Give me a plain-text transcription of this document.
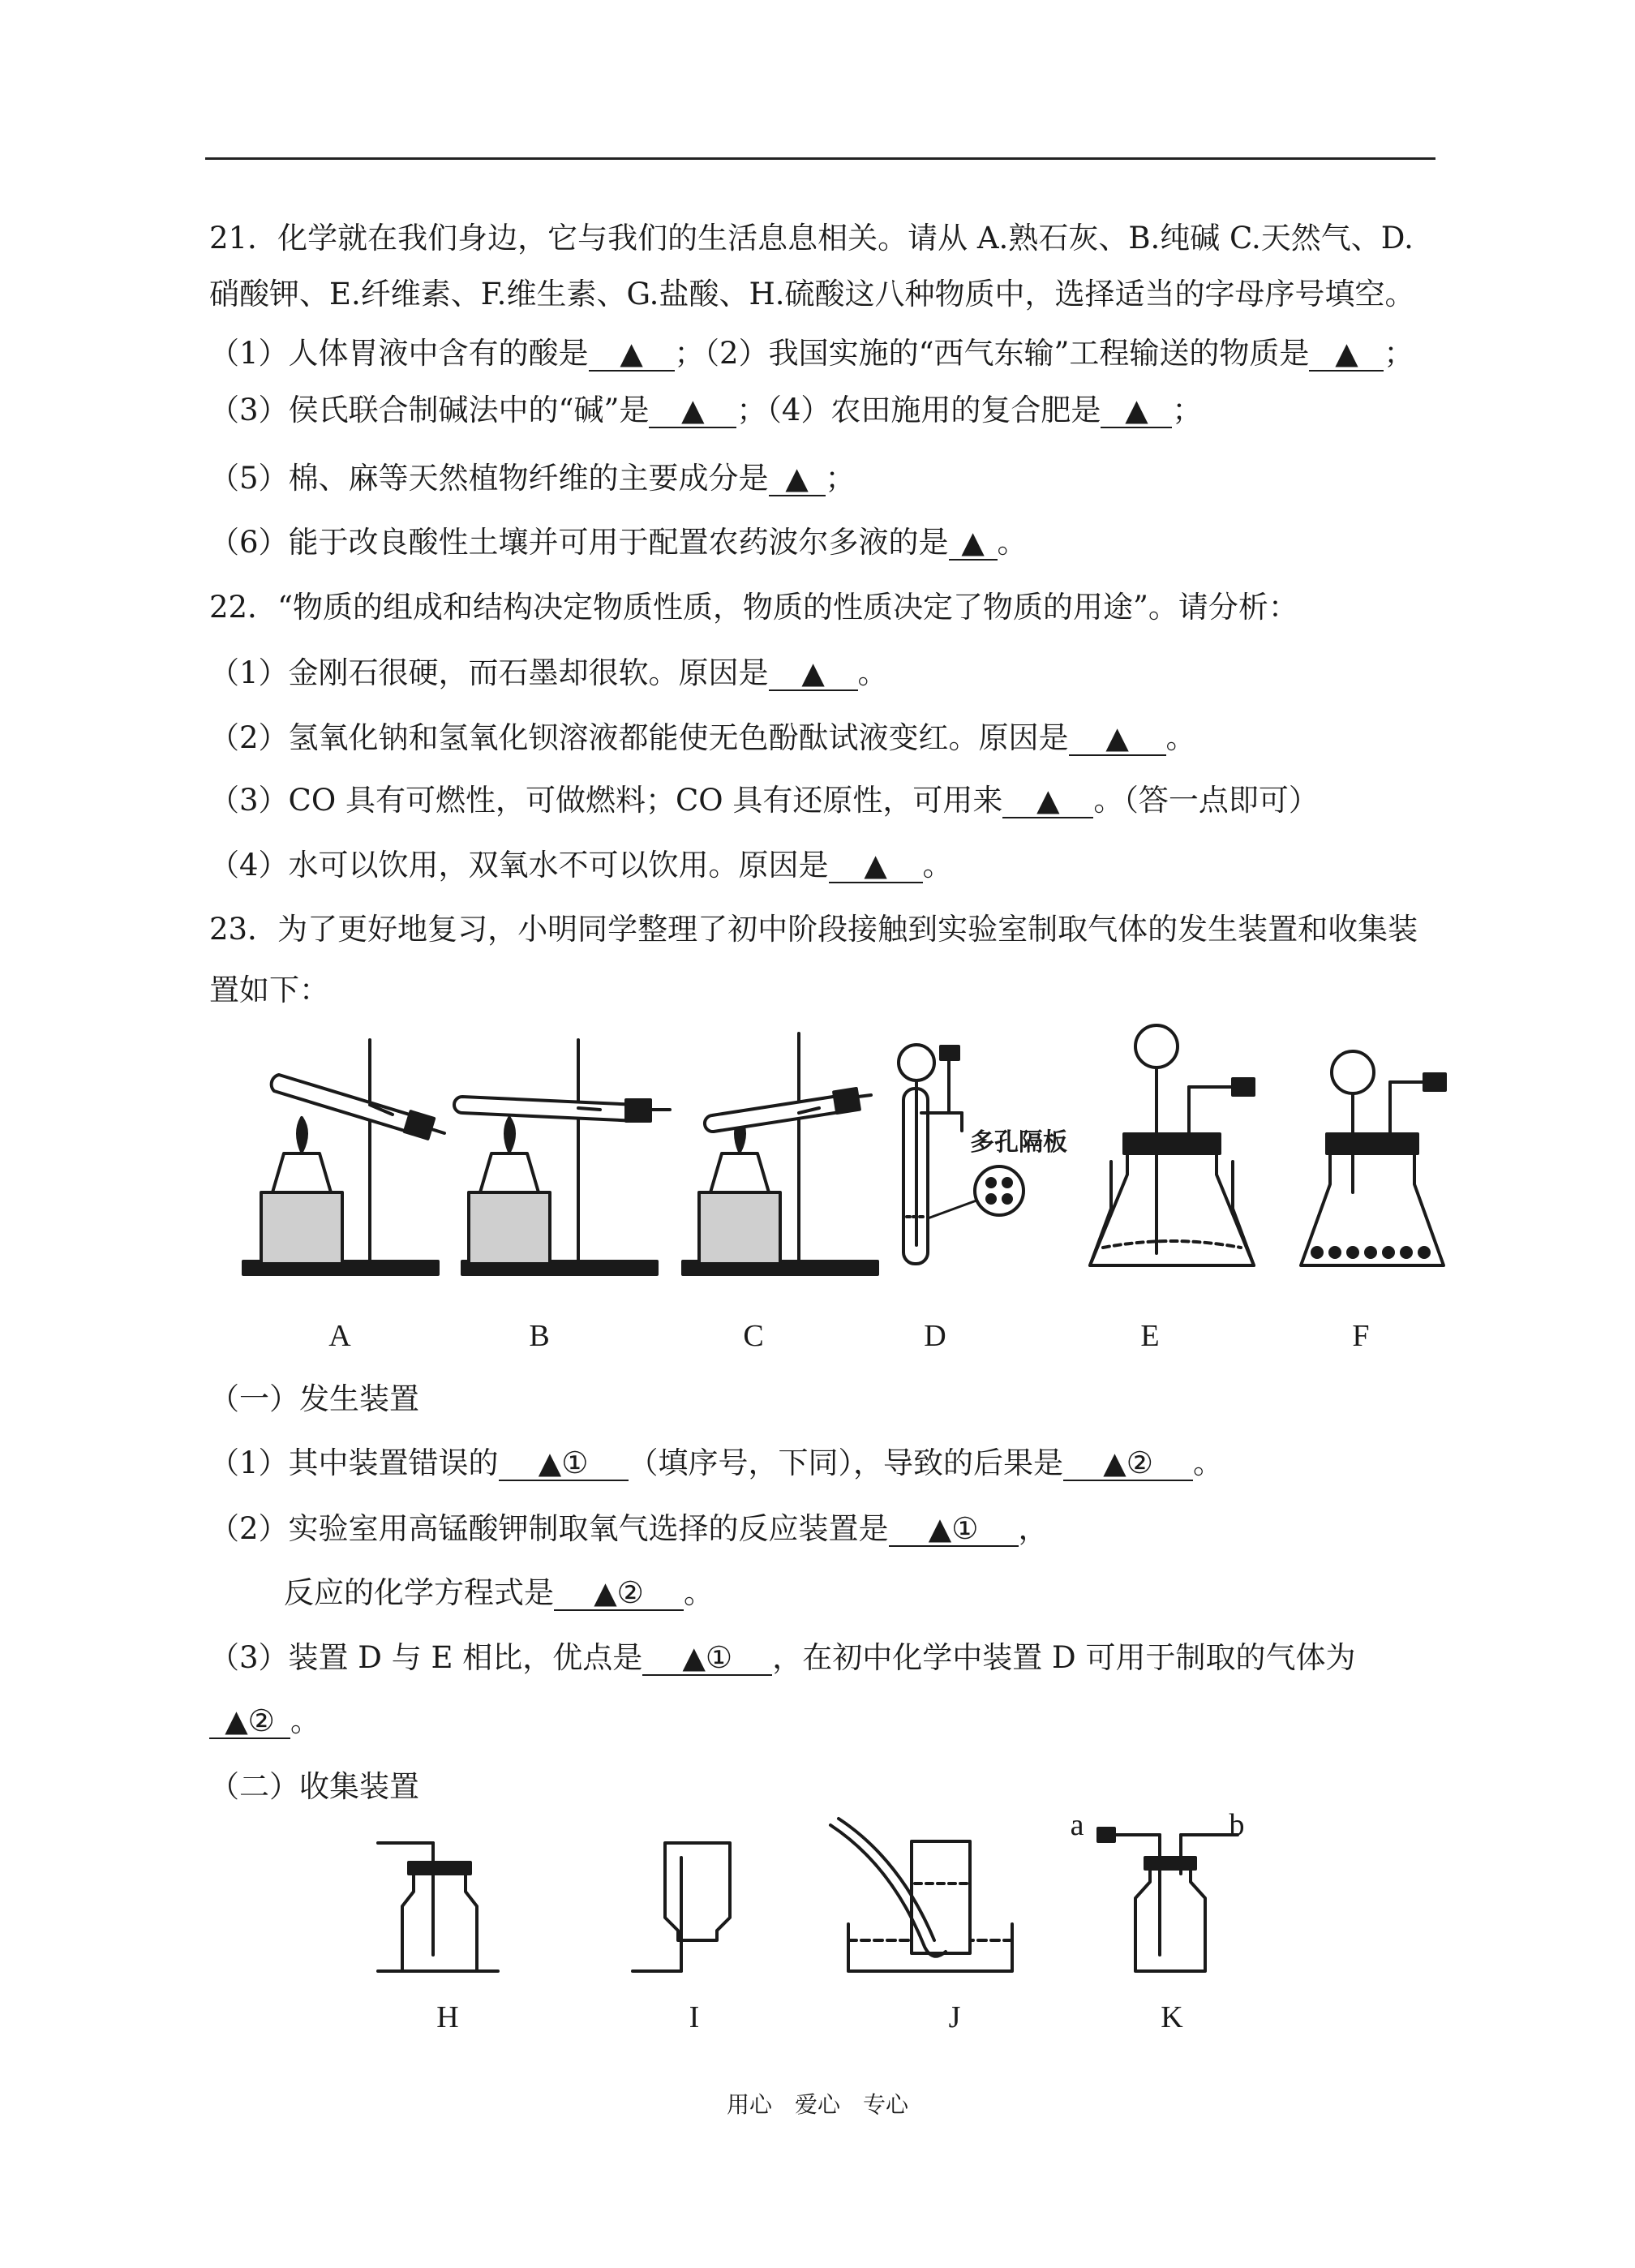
21．化学就在我们身边，它与我们的生活息息相关。请从 A.熟石灰、B.纯碱 C.天然气、D.
硝酸钾、E.纤维素、F.维生素、G.盐酸、H.硫酸这八种物质中，选择适当的字母序号填空。
（1）人体胃液中含有的酸是 ▲ ；（2）我国实施的“西气东输”工程输送的物质是 ▲ ；
（3）侯氏联合制碱法中的“碱”是 ▲ ；（4）农田施用的复合肥是 ▲ ；
（5）棉、麻等天然植物纤维的主要成分是 ▲ ；
（6）能于改良酸性土壤并可用于配置农药波尔多液的是 ▲ 。
22．“物质的组成和结构决定物质性质，物质的性质决定了物质的用途”。请分析：
（1）金刚石很硬，而石墨却很软。原因是 ▲ 。
（2）氢氧化钠和氢氧化钡溶液都能使无色酚酞试液变红。原因是 ▲ 。
（3）CO 具有可燃性，可做燃料；CO 具有还原性，可用来 ▲ 。（答一点即可）
（4）水可以饮用，双氧水不可以饮用。原因是 ▲ 。
23．为了更好地复习，小明同学整理了初中阶段接触到实验室制取气体的发生装置和收集装
置如下：
（一）发生装置
（1）其中装置错误的 ▲① （填序号，下同），导致的后果是 ▲② 。
（2）实验室用高锰酸钾制取氧气选择的反应装置是 ▲① ，
反应的化学方程式是 ▲② 。
（3）装置 D 与 E 相比，优点是 ▲① ，在初中化学中装置 D 可用于制取的气体为
▲② 。
（二）收集装置
多孔隔板
A	B	C	D	E	F
a	b
H	I	J	K
用心　爱心　专心
